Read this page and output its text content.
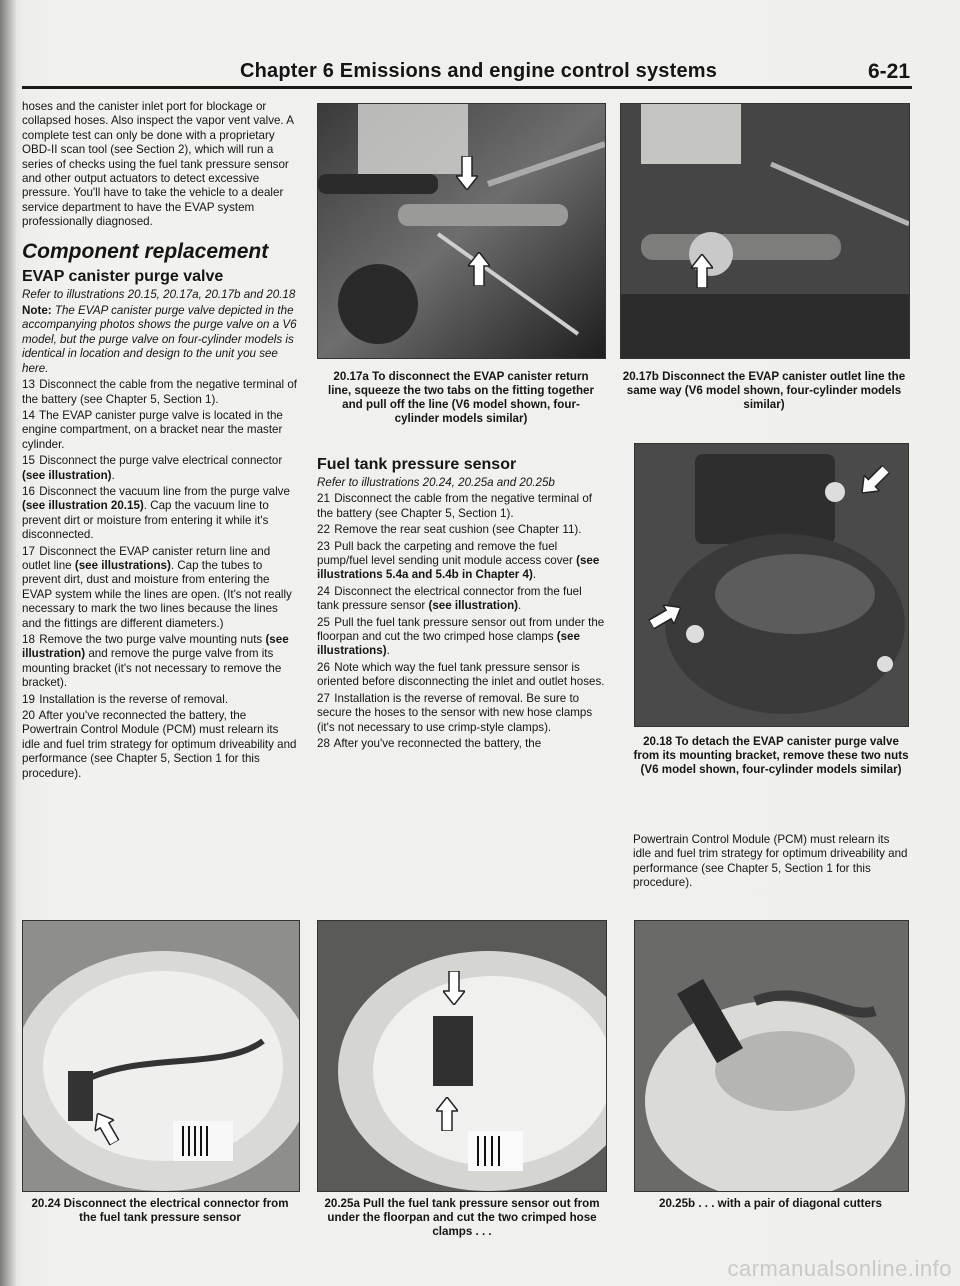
Chapter 6 Emissions and engine control systems	6-21

hoses and the canister inlet port for blockage or collapsed hoses. Also inspect the vapor vent valve. A complete test can only be done with a proprietary OBD-II scan tool (see Section 2), which will run a series of checks using the fuel tank pressure sensor and other output actuators to detect excessive pressure. You'll have to take the vehicle to a dealer service department to have the EVAP system professionally diagnosed.

Component replacement
EVAP canister purge valve

Refer to illustrations 20.15, 20.17a, 20.17b and 20.18

Note: The EVAP canister purge valve depicted in the accompanying photos shows the purge valve on a V6 model, but the purge valve on four-cylinder models is identical in location and design to the unit you see here.

13 Disconnect the cable from the negative terminal of the battery (see Chapter 5, Section 1).

14 The EVAP canister purge valve is located in the engine compartment, on a bracket near the master cylinder.

15 Disconnect the purge valve electrical connector (see illustration).

16 Disconnect the vacuum line from the purge valve (see illustration 20.15). Cap the vacuum line to prevent dirt or moisture from entering it while it's disconnected.

17 Disconnect the EVAP canister return line and outlet line (see illustrations). Cap the tubes to prevent dirt, dust and moisture from entering the EVAP system while the lines are open. (It's not really necessary to mark the two lines because the lines and the fittings are different diameters.)

18 Remove the two purge valve mounting nuts (see illustration) and remove the purge valve from its mounting bracket (it's not necessary to remove the bracket).

19 Installation is the reverse of removal.

20 After you've reconnected the battery, the Powertrain Control Module (PCM) must relearn its idle and fuel trim strategy for optimum driveability and performance (see Chapter 5, Section 1 for this procedure).

20.17a To disconnect the EVAP canister return line, squeeze the two tabs on the fitting together and pull off the line (V6 model shown, four-cylinder models similar)
Fuel tank pressure sensor

Refer to illustrations 20.24, 20.25a and 20.25b

21 Disconnect the cable from the negative terminal of the battery (see Chapter 5, Section 1).

22 Remove the rear seat cushion (see Chapter 11).

23 Pull back the carpeting and remove the fuel pump/fuel level sending unit module access cover (see illustrations 5.4a and 5.4b in Chapter 4).

24 Disconnect the electrical connector from the fuel tank pressure sensor (see illustration).

25 Pull the fuel tank pressure sensor out from under the floorpan and cut the two crimped hose clamps (see illustrations).

26 Note which way the fuel tank pressure sensor is oriented before disconnecting the inlet and outlet hoses.

27 Installation is the reverse of removal. Be sure to secure the hoses to the sensor with new hose clamps (it's not necessary to use crimp-style clamps).

28 After you've reconnected the battery, the

20.17b Disconnect the EVAP canister outlet line the same way (V6 model shown, four-cylinder models similar)
20.18 To detach the EVAP canister purge valve from its mounting bracket, remove these two nuts (V6 model shown, four-cylinder models similar)

Powertrain Control Module (PCM) must relearn its idle and fuel trim strategy for optimum driveability and performance (see Chapter 5, Section 1 for this procedure).

20.24 Disconnect the electrical connector from the fuel tank pressure sensor
20.25a Pull the fuel tank pressure sensor out from under the floorpan and cut the two crimped hose clamps . . .
20.25b . . . with a pair of diagonal cutters
carmanualsonline.info
